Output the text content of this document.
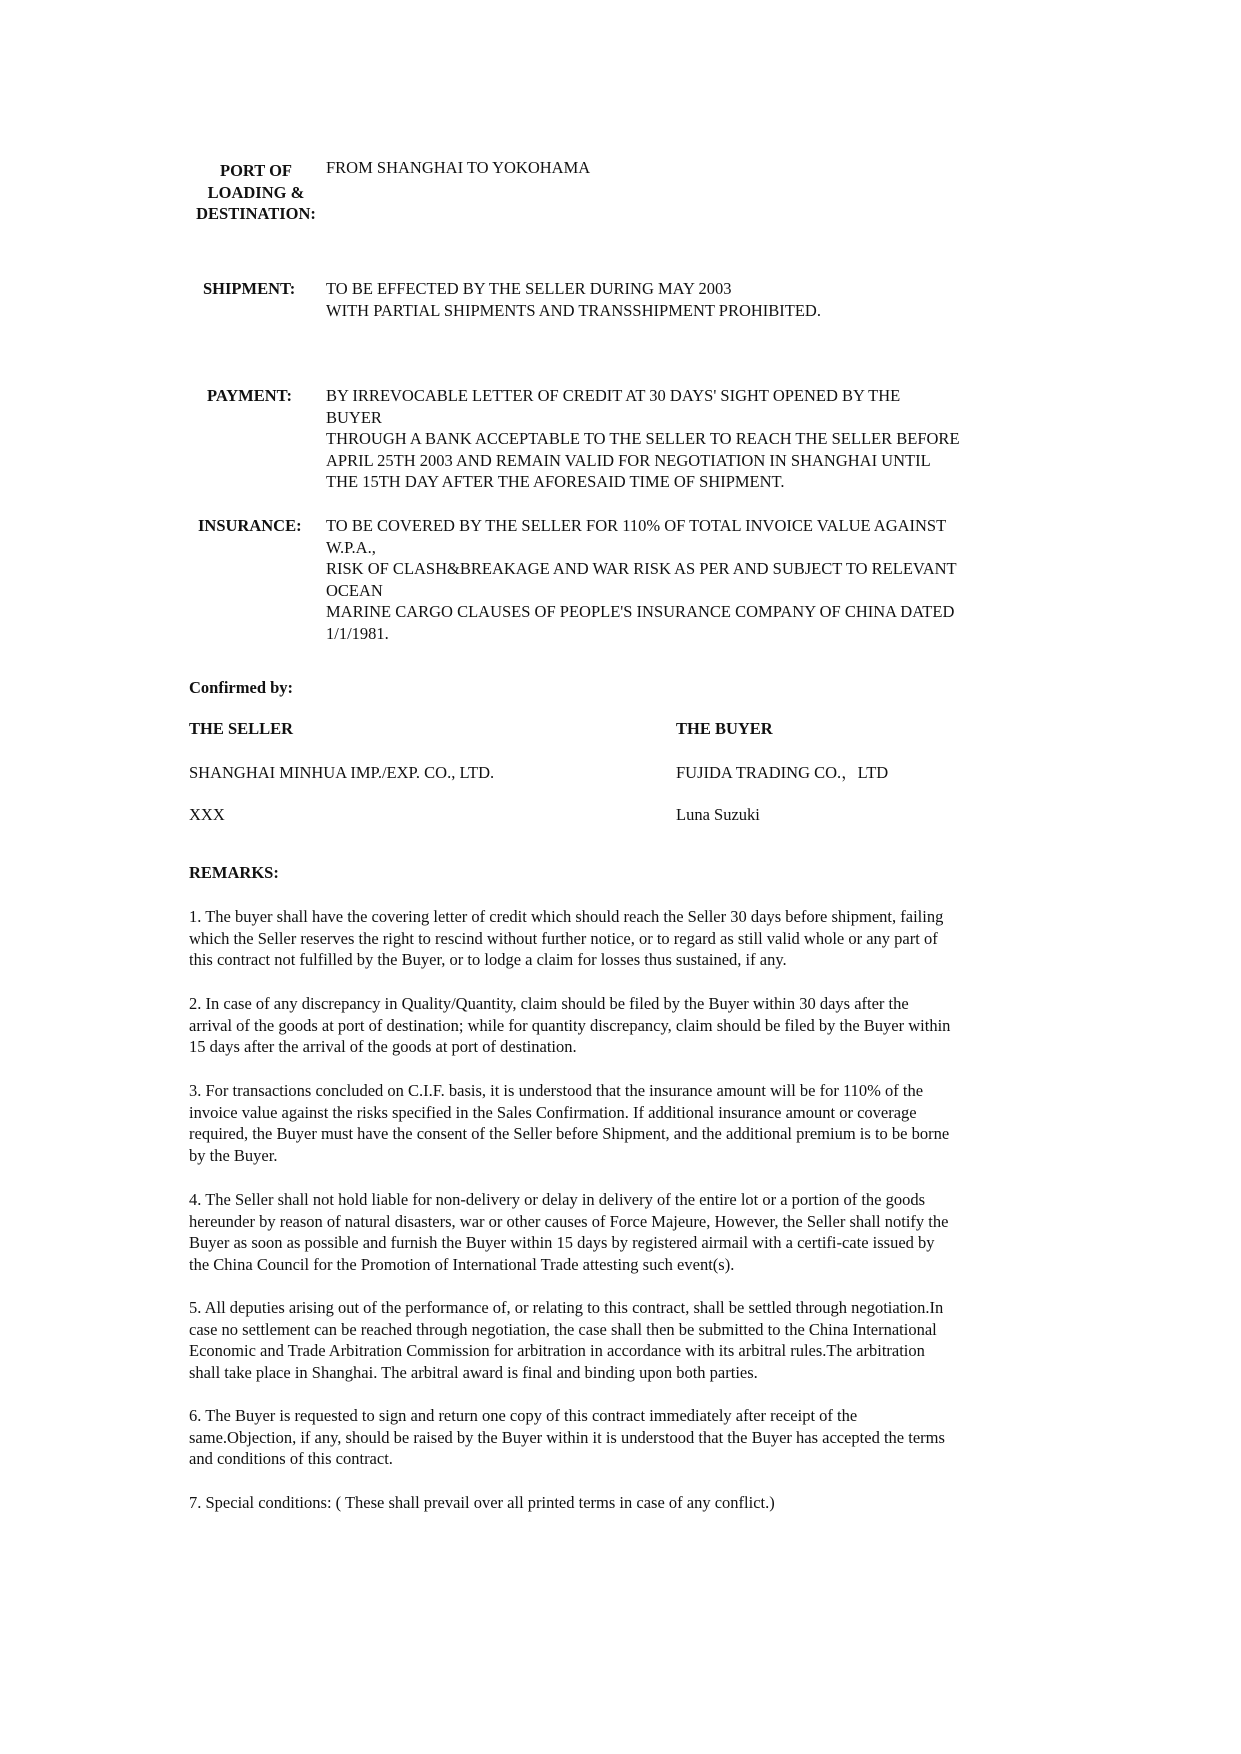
PORT OF
LOADING &
DESTINATION:
FROM SHANGHAI TO YOKOHAMA
SHIPMENT: TO BE EFFECTED BY THE SELLER DURING MAY 2003
WITH PARTIAL SHIPMENTS AND TRANSSHIPMENT PROHIBITED.
PAYMENT: BY IRREVOCABLE LETTER OF CREDIT AT 30 DAYS' SIGHT OPENED BY THE
BUYER
THROUGH A BANK ACCEPTABLE TO THE SELLER TO REACH THE SELLER BEFORE
APRIL 25TH 2003 AND REMAIN VALID FOR NEGOTIATION IN SHANGHAI UNTIL
THE 15TH DAY AFTER THE AFORESAID TIME OF SHIPMENT.
INSURANCE: TO BE COVERED BY THE SELLER FOR 110% OF TOTAL INVOICE VALUE AGAINST
W.P.A.,
RISK OF CLASH&BREAKAGE AND WAR RISK AS PER AND SUBJECT TO RELEVANT
OCEAN
MARINE CARGO CLAUSES OF PEOPLE'S INSURANCE COMPANY OF CHINA DATED
1/1/1981.
Confirmed by:
THE SELLER	THE BUYER
SHANGHAI MINHUA IMP./EXP. CO., LTD.	FUJIDA TRADING CO.，LTD
XXX	Luna Suzuki
REMARKS:
1. The buyer shall have the covering letter of credit which should reach the Seller 30 days before shipment, failing
which the Seller reserves the right to rescind without further notice, or to regard as still valid whole or any part of
this contract not fulfilled by the Buyer, or to lodge a claim for losses thus sustained, if any.
2. In case of any discrepancy in Quality/Quantity, claim should be filed by the Buyer within 30 days after the
arrival of the goods at port of destination; while for quantity discrepancy, claim should be filed by the Buyer within
15 days after the arrival of the goods at port of destination.
3. For transactions concluded on C.I.F. basis, it is understood that the insurance amount will be for 110% of the
invoice value against the risks specified in the Sales Confirmation. If additional insurance amount or coverage
required, the Buyer must have the consent of the Seller before Shipment, and the additional premium is to be borne
by the Buyer.
4. The Seller shall not hold liable for non-delivery or delay in delivery of the entire lot or a portion of the goods
hereunder by reason of natural disasters, war or other causes of Force Majeure, However, the Seller shall notify the
Buyer as soon as possible and furnish the Buyer within 15 days by registered airmail with a certifi-cate issued by
the China Council for the Promotion of International Trade attesting such event(s).
5. All deputies arising out of the performance of, or relating to this contract, shall be settled through negotiation.In
case no settlement can be reached through negotiation, the case shall then be submitted to the China International
Economic and Trade Arbitration Commission for arbitration in accordance with its arbitral rules.The arbitration
shall take place in Shanghai. The arbitral award is final and binding upon both parties.
6. The Buyer is requested to sign and return one copy of this contract immediately after receipt of the
same.Objection, if any, should be raised by the Buyer within it is understood that the Buyer has accepted the terms
and conditions of this contract.
7. Special conditions: ( These shall prevail over all printed terms in case of any conflict.)
